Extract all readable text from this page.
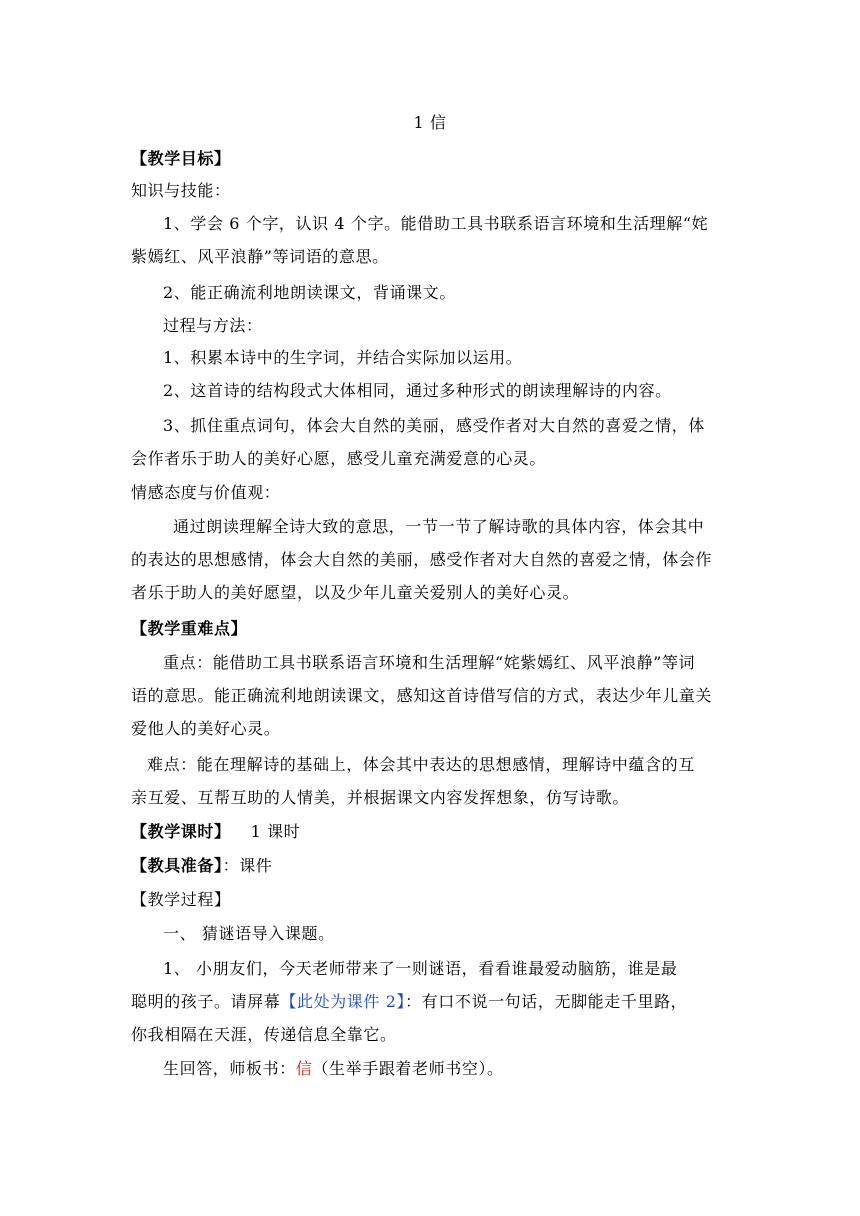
1 信
【教学目标】
知识与技能：
1、学会 6 个字，认识 4 个字。能借助工具书联系语言环境和生活理解“姹
紫嫣红、风平浪静”等词语的意思。
2、能正确流利地朗读课文，背诵课文。
过程与方法：
1、积累本诗中的生字词，并结合实际加以运用。
2、这首诗的结构段式大体相同，通过多种形式的朗读理解诗的内容。
3、抓住重点词句，体会大自然的美丽，感受作者对大自然的喜爱之情，体
会作者乐于助人的美好心愿，感受儿童充满爱意的心灵。
情感态度与价值观：
通过朗读理解全诗大致的意思，一节一节了解诗歌的具体内容，体会其中
的表达的思想感情，体会大自然的美丽，感受作者对大自然的喜爱之情，体会作
者乐于助人的美好愿望，以及少年儿童关爱别人的美好心灵。
【教学重难点】
重点：能借助工具书联系语言环境和生活理解“姹紫嫣红、风平浪静”等词
语的意思。能正确流利地朗读课文，感知这首诗借写信的方式，表达少年儿童关
爱他人的美好心灵。
难点：能在理解诗的基础上，体会其中表达的思想感情，理解诗中蕴含的互
亲互爱、互帮互助的人情美，并根据课文内容发挥想象，仿写诗歌。
【教学课时】 1 课时
【教具准备】：课件
【教学过程】
一、 猜谜语导入课题。
1、 小朋友们，今天老师带来了一则谜语，看看谁最爱动脑筋，谁是最
聪明的孩子。请屏幕【此处为课件 2】：有口不说一句话，无脚能走千里路，
你我相隔在天涯，传递信息全靠它。
生回答，师板书：信（生举手跟着老师书空）。
